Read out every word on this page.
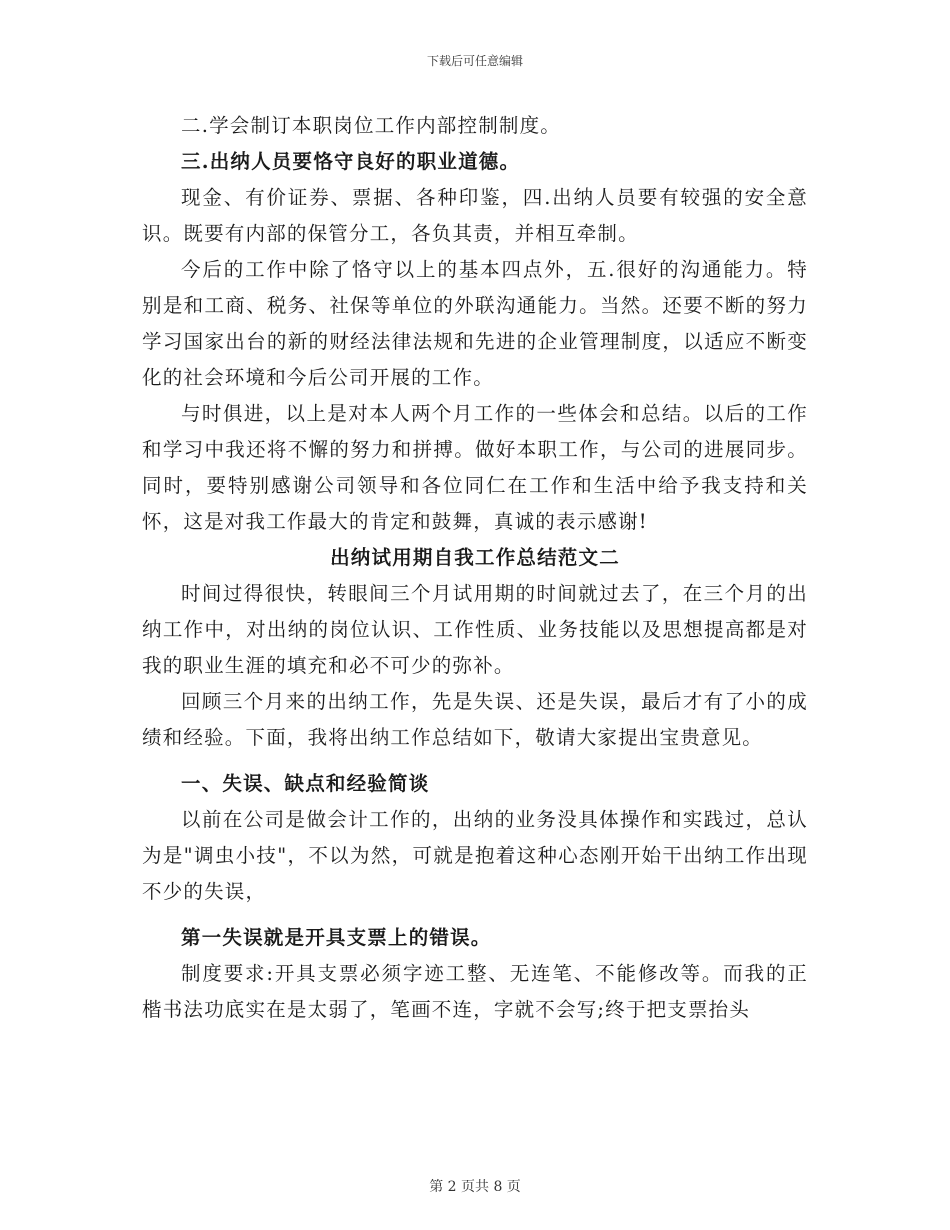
下载后可任意编辑

二.学会制订本职岗位工作内部控制制度。

三.出纳人员要恪守良好的职业道德。

现金、有价证券、票据、各种印鉴，四.出纳人员要有较强的安全意识。既要有内部的保管分工，各负其责，并相互牵制。

今后的工作中除了恪守以上的基本四点外，五.很好的沟通能力。特别是和工商、税务、社保等单位的外联沟通能力。当然。还要不断的努力学习国家出台的新的财经法律法规和先进的企业管理制度，以适应不断变化的社会环境和今后公司开展的工作。

与时俱进，以上是对本人两个月工作的一些体会和总结。以后的工作和学习中我还将不懈的努力和拼搏。做好本职工作，与公司的进展同步。同时，要特别感谢公司领导和各位同仁在工作和生活中给予我支持和关怀，这是对我工作最大的肯定和鼓舞，真诚的表示感谢!

出纳试用期自我工作总结范文二

时间过得很快，转眼间三个月试用期的时间就过去了，在三个月的出纳工作中，对出纳的岗位认识、工作性质、业务技能以及思想提高都是对我的职业生涯的填充和必不可少的弥补。

回顾三个月来的出纳工作，先是失误、还是失误，最后才有了小的成绩和经验。下面，我将出纳工作总结如下，敬请大家提出宝贵意见。

一、失误、缺点和经验简谈

以前在公司是做会计工作的，出纳的业务没具体操作和实践过，总认为是"调虫小技"，不以为然，可就是抱着这种心态刚开始干出纳工作出现不少的失误，

第一失误就是开具支票上的错误。

制度要求:开具支票必须字迹工整、无连笔、不能修改等。而我的正楷书法功底实在是太弱了，笔画不连，字就不会写;终于把支票抬头

第 2 页共 8 页
